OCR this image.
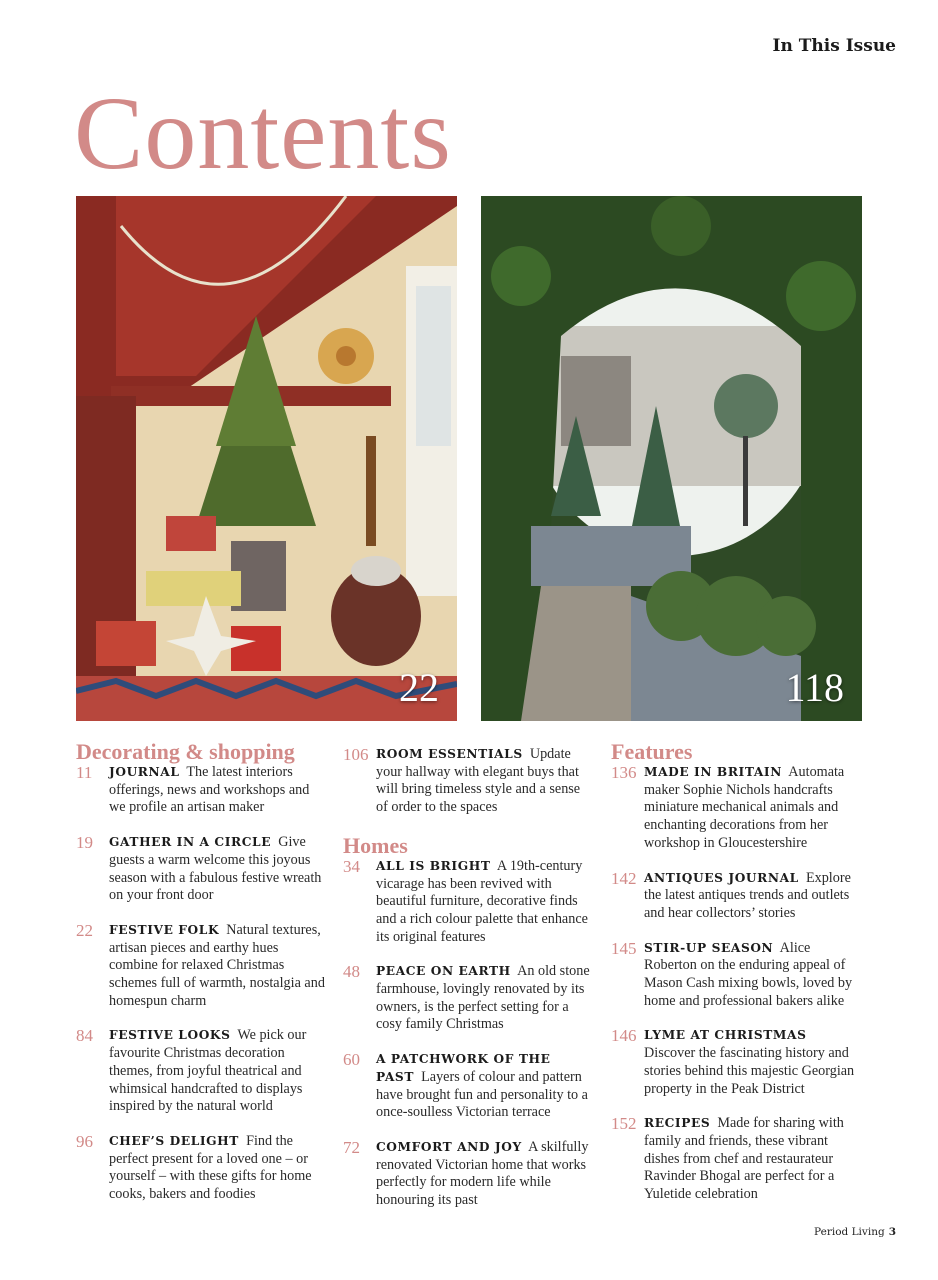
In This Issue
Contents
22	118
Decorating & shopping
11	JOURNAL The latest interiors offerings, news and workshops and we profile an artisan maker
19	GATHER IN A CIRCLE Give guests a warm welcome this joyous season with a fabulous festive wreath on your front door
22	FESTIVE FOLK Natural textures, artisan pieces and earthy hues combine for relaxed Christmas schemes full of warmth, nostalgia and homespun charm
84	FESTIVE LOOKS We pick our favourite Christmas decoration themes, from joyful theatrical and whimsical handcrafted to displays inspired by the natural world
96	CHEF’S DELIGHT Find the perfect present for a loved one – or yourself – with these gifts for home cooks, bakers and foodies
106 ROOM ESSENTIALS Update your hallway with elegant buys that will bring timeless style and a sense of order to the spaces
Homes
34	ALL IS BRIGHT A 19th-century vicarage has been revived with beautiful furniture, decorative finds and a rich colour palette that enhance its original features
48	PEACE ON EARTH An old stone farmhouse, lovingly renovated by its owners, is the perfect setting for a cosy family Christmas
60	A PATCHWORK OF THE PAST Layers of colour and pattern have brought fun and personality to a once-soulless Victorian terrace
72	COMFORT AND JOY A skilfully renovated Victorian home that works perfectly for modern life while honouring its past
Features
136 MADE IN BRITAIN Automata maker Sophie Nichols handcrafts miniature mechanical animals and enchanting decorations from her workshop in Gloucestershire
142 ANTIQUES JOURNAL Explore the latest antiques trends and outlets and hear collectors’ stories
145 STIR-UP SEASON Alice Roberton on the enduring appeal of Mason Cash mixing bowls, loved by home and professional bakers alike
146 LYME AT CHRISTMAS  Discover the fascinating history and stories behind this majestic Georgian property in the Peak District
152 RECIPES Made for sharing with family and friends, these vibrant dishes from chef and restaurateur Ravinder Bhogal are perfect for a Yuletide celebration
Period Living 3
